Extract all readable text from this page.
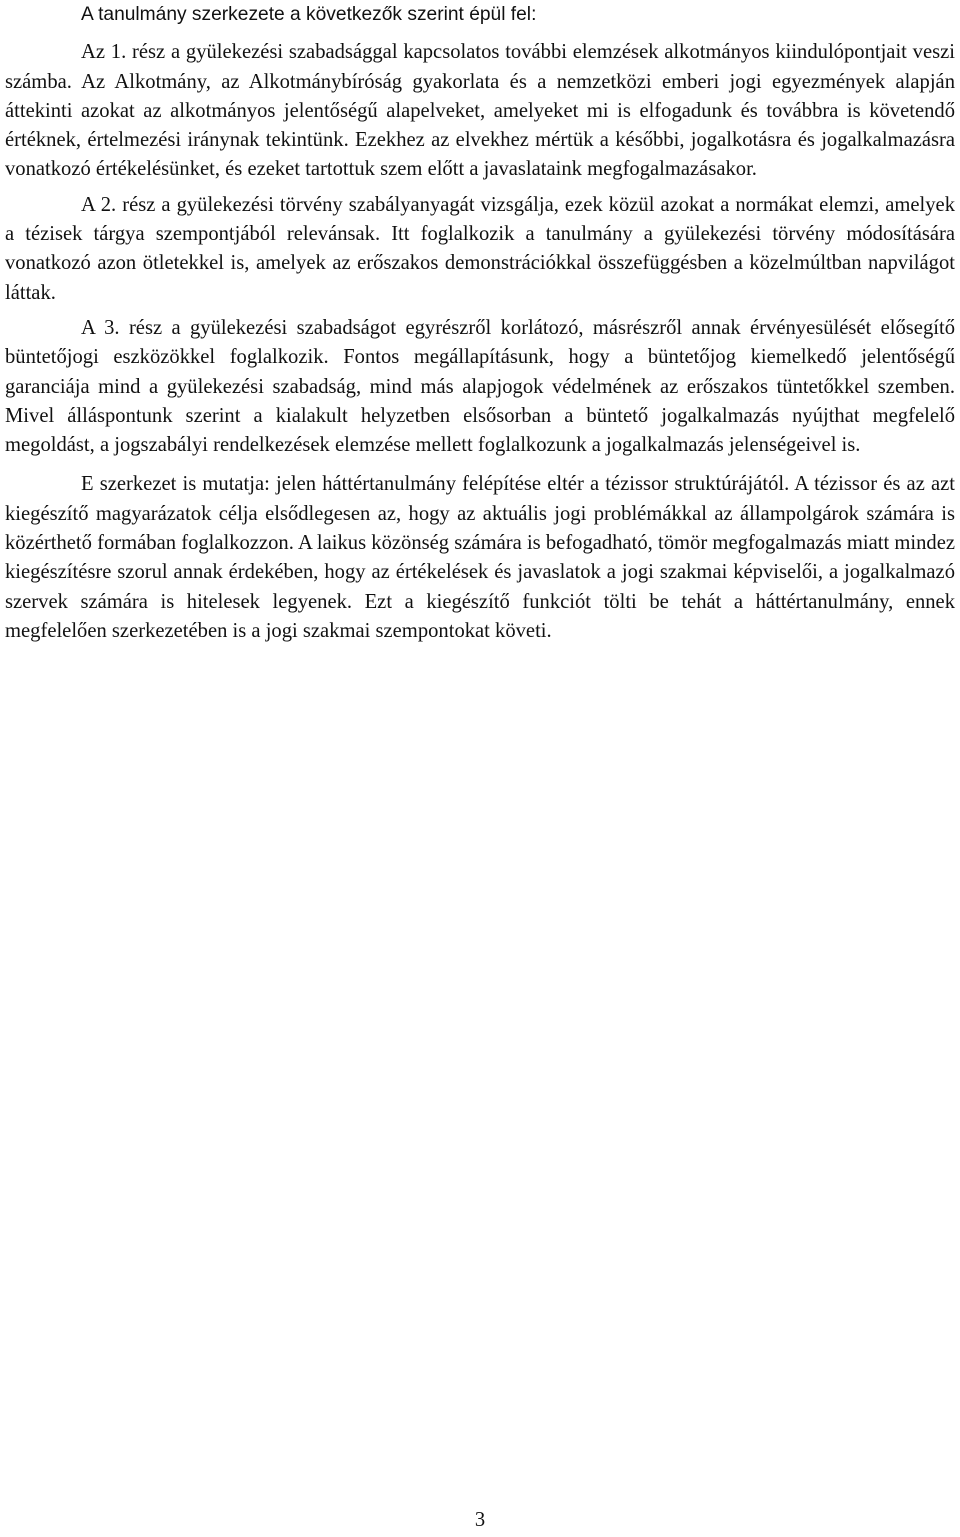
A tanulmány szerkezete a következők szerint épül fel:

Az 1. rész a gyülekezési szabadsággal kapcsolatos további elemzések alkotmányos kiindulópontjait veszi számba. Az Alkotmány, az Alkotmánybíróság gyakorlata és a nemzetközi emberi jogi egyezmények alapján áttekinti azokat az alkotmányos jelentőségű alapelveket, amelyeket mi is elfogadunk és továbbra is követendő értéknek, értelmezési iránynak tekintünk. Ezekhez az elvekhez mértük a későbbi, jogalkotásra és jogalkalmazásra vonatkozó értékelésünket, és ezeket tartottuk szem előtt a javaslataink megfogalmazásakor.

A 2. rész a gyülekezési törvény szabályanyagát vizsgálja, ezek közül azokat a normákat elemzi, amelyek a tézisek tárgya szempontjából relevánsak. Itt foglalkozik a tanulmány a gyülekezési törvény módosítására vonatkozó azon ötletekkel is, amelyek az erőszakos demonstrációkkal összefüggésben a közelmúltban napvilágot láttak.

A 3. rész a gyülekezési szabadságot egyrészről korlátozó, másrészről annak érvényesülését elősegítő büntetőjogi eszközökkel foglalkozik. Fontos megállapításunk, hogy a büntetőjog kiemelkedő jelentőségű garanciája mind a gyülekezési szabadság, mind más alapjogok védelmének az erőszakos tüntetőkkel szemben. Mivel álláspontunk szerint a kialakult helyzetben elsősorban a büntető jogalkalmazás nyújthat megfelelő megoldást, a jogszabályi rendelkezések elemzése mellett foglalkozunk a jogalkalmazás jelenségeivel is.

E szerkezet is mutatja: jelen háttértanulmány felépítése eltér a tézissor struktúrájától. A tézissor és az azt kiegészítő magyarázatok célja elsődlegesen az, hogy az aktuális jogi problémákkal az állampolgárok számára is közérthető formában foglalkozzon. A laikus közönség számára is befogadható, tömör megfogalmazás miatt mindez kiegészítésre szorul annak érdekében, hogy az értékelések és javaslatok a jogi szakmai képviselői, a jogalkalmazó szervek számára is hitelesek legyenek. Ezt a kiegészítő funkciót tölti be tehát a háttértanulmány, ennek megfelelően szerkezetében is a jogi szakmai szempontokat követi.

3
